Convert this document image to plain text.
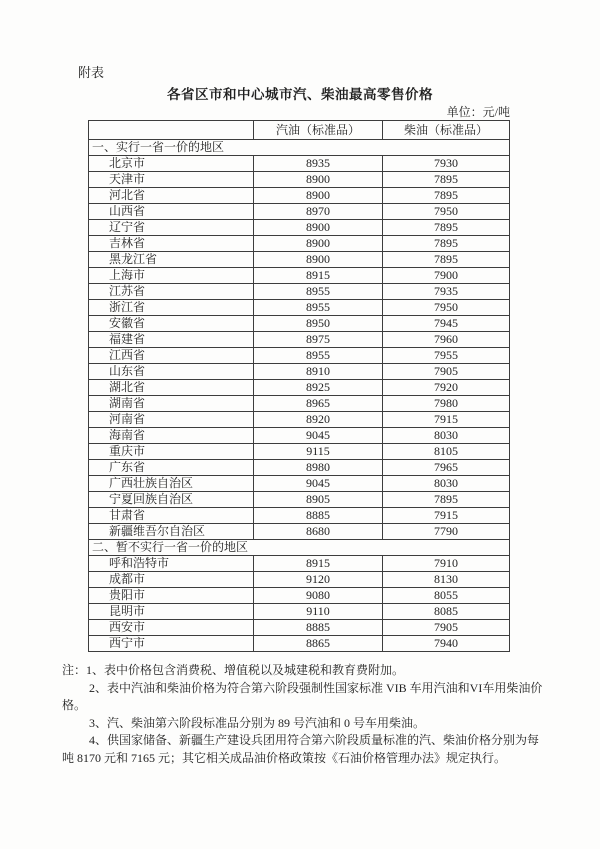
附表
各省区市和中心城市汽、柴油最高零售价格
单位：元/吨
	汽油（标准品）	柴油（标准品）
一、实行一省一价的地区		
北京市	8935	7930
天津市	8900	7895
河北省	8900	7895
山西省	8970	7950
辽宁省	8900	7895
吉林省	8900	7895
黑龙江省	8900	7895
上海市	8915	7900
江苏省	8955	7935
浙江省	8955	7950
安徽省	8950	7945
福建省	8975	7960
江西省	8955	7955
山东省	8910	7905
湖北省	8925	7920
湖南省	8965	7980
河南省	8920	7915
海南省	9045	8030
重庆市	9115	8105
广东省	8980	7965
广西壮族自治区	9045	8030
宁夏回族自治区	8905	7895
甘肃省	8885	7915
新疆维吾尔自治区	8680	7790
二、暂不实行一省一价的地区		
呼和浩特市	8915	7910
成都市	9120	8130
贵阳市	9080	8055
昆明市	9110	8085
西安市	8885	7905
西宁市	8865	7940
注：1、表中价格包含消费税、增值税以及城建税和教育费附加。
2、表中汽油和柴油价格为符合第六阶段强制性国家标准 VIB 车用汽油和VI车用柴油价
格。
3、汽、柴油第六阶段标准品分别为 89 号汽油和 0 号车用柴油。
4、供国家储备、新疆生产建设兵团用符合第六阶段质量标准的汽、柴油价格分别为每
吨 8170 元和 7165 元；其它相关成品油价格政策按《石油价格管理办法》规定执行。
